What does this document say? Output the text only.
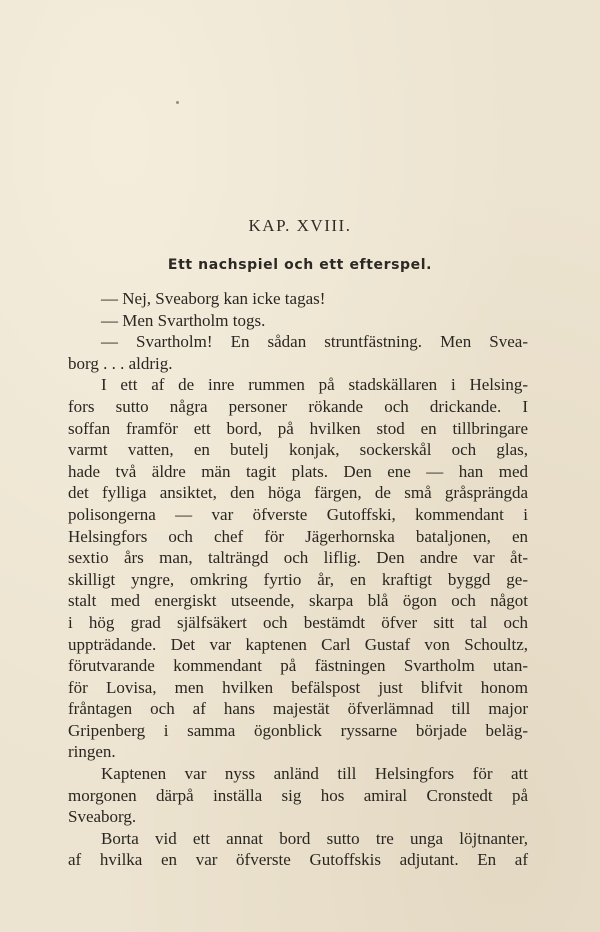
KAP. XVIII.
Ett nachspiel och ett efterspel.
— Nej, Sveaborg kan icke tagas!
— Men Svartholm togs.
— Svartholm! En sådan struntfästning. Men Svea-
borg . . . aldrig.
I ett af de inre rummen på stadskällaren i Helsing-
fors sutto några personer rökande och drickande. I
soffan framför ett bord, på hvilken stod en tillbringare
varmt vatten, en butelj konjak, sockerskål och glas,
hade två äldre män tagit plats. Den ene — han med
det fylliga ansiktet, den höga färgen, de små gråsprängda
polisongerna — var öfverste Gutoffski, kommendant i
Helsingfors och chef för Jägerhornska bataljonen, en
sextio års man, talträngd och liflig. Den andre var åt-
skilligt yngre, omkring fyrtio år, en kraftigt byggd ge-
stalt med energiskt utseende, skarpa blå ögon och något
i hög grad själfsäkert och bestämdt öfver sitt tal och
uppträdande. Det var kaptenen Carl Gustaf von Schoultz,
förutvarande kommendant på fästningen Svartholm utan-
för Lovisa, men hvilken befälspost just blifvit honom
fråntagen och af hans majestät öfverlämnad till major
Gripenberg i samma ögonblick ryssarne började beläg-
ringen.
Kaptenen var nyss anländ till Helsingfors för att
morgonen därpå inställa sig hos amiral Cronstedt på
Sveaborg.
Borta vid ett annat bord sutto tre unga löjtnanter,
af hvilka en var öfverste Gutoffskis adjutant. En af
